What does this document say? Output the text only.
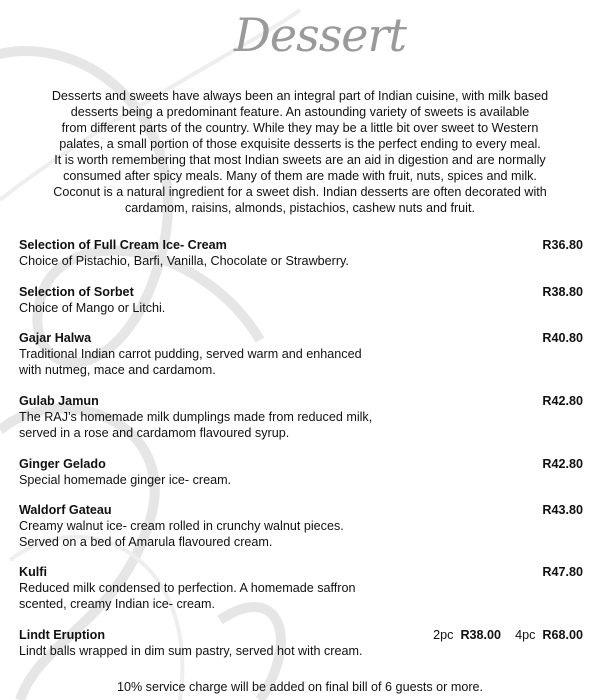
Dessert
Desserts and sweets have always been an integral part of Indian cuisine, with milk based
desserts being a predominant feature. An astounding variety of sweets is available
from different parts of the country. While they may be a little bit over sweet to Western
palates, a small portion of those exquisite desserts is the perfect ending to every meal.
It is worth remembering that most Indian sweets are an aid in digestion and are normally
consumed after spicy meals. Many of them are made with fruit, nuts, spices and milk.
Coconut is a natural ingredient for a sweet dish. Indian desserts are often decorated with
cardamom, raisins, almonds, pistachios, cashew nuts and fruit.
Selection of Full Cream Ice- Cream	R36.80
Choice of Pistachio, Barfi, Vanilla, Chocolate or Strawberry.
Selection of Sorbet	R38.80
Choice of Mango or Litchi.
Gajar Halwa	R40.80
Traditional Indian carrot pudding, served warm and enhanced
with nutmeg, mace and cardamom.
Gulab Jamun	R42.80
The RAJ’s homemade milk dumplings made from reduced milk,
served in a rose and cardamom flavoured syrup.
Ginger Gelado	R42.80
Special homemade ginger ice- cream.
Waldorf Gateau	R43.80
Creamy walnut ice- cream rolled in crunchy walnut pieces.
Served on a bed of Amarula flavoured cream.
Kulfi	R47.80
Reduced milk condensed to perfection. A homemade saffron
scented, creamy Indian ice- cream.
Lindt Eruption	2pc R38.00 4pc R68.00
Lindt balls wrapped in dim sum pastry, served hot with cream.
10% service charge will be added on final bill of 6 guests or more.
